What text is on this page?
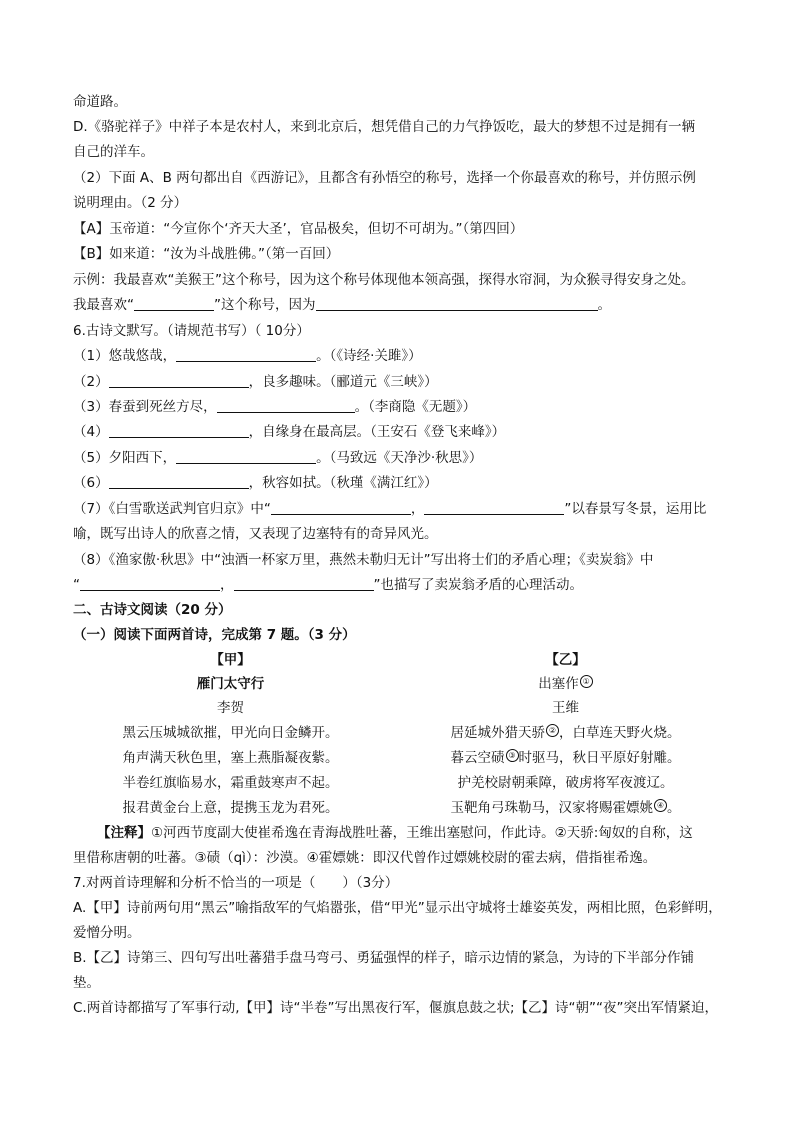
命道路。
D.《骆驼祥子》中祥子本是农村人，来到北京后，想凭借自己的力气挣饭吃，最大的梦想不过是拥有一辆
自己的洋车。
（2）下面 A、B 两句都出自《西游记》，且都含有孙悟空的称号，选择一个你最喜欢的称号，并仿照示例
说明理由。（2 分）
【A】玉帝道：“今宣你个‘齐天大圣’，官品极矣，但切不可胡为。”（第四回）
【B】如来道：“汝为斗战胜佛。”（第一百回）
示例：我最喜欢“美猴王”这个称号，因为这个称号体现他本领高强，探得水帘洞，为众猴寻得安身之处。
我最喜欢“	”这个称号，因为	。
6.古诗文默写。（请规范书写）（ 10分）
（1）悠哉悠哉，	。（《诗经·关雎》）
（2）	，良多趣味。（郦道元《三峡》）
（3）春蚕到死丝方尽，	。（李商隐《无题》）
（4）	，自缘身在最高层。（王安石《登飞来峰》）
（5）夕阳西下，	。（马致远《天净沙·秋思》）
（6）	，秋容如拭。（秋瑾《满江红》）
（7）《白雪歌送武判官归京》中“	，	”以春景写冬景，运用比
喻，既写出诗人的欣喜之情，又表现了边塞特有的奇异风光。
（8）《渔家傲·秋思》中“浊酒一杯家万里，燕然未勒归无计”写出将士们的矛盾心理；《卖炭翁》中
“	，	”也描写了卖炭翁矛盾的心理活动。
二、古诗文阅读（20 分）
（一）阅读下面两首诗，完成第 7 题。（3 分）
【甲】
雁门太守行
李贺
黑云压城城欲摧，甲光向日金鳞开。
角声满天秋色里，塞上燕脂凝夜紫。
半卷红旗临易水，霜重鼓寒声不起。
报君黄金台上意，提携玉龙为君死。
【乙】
出塞作 ①
王维
居延城外猎天骄 ② ，白草连天野火烧。
暮云空碛 ③ 时驱马，秋日平原好射雕。
护羌校尉朝乘障，破虏将军夜渡辽。
玉靶角弓珠勒马，汉家将赐霍嫖姚 ④ 。
【注释】①河西节度副大使崔希逸在青海战胜吐蕃，王维出塞慰问，作此诗。②天骄:匈奴的自称，这
里借称唐朝的吐蕃。③碛（qì）：沙漠。④霍嫖姚：即汉代曾作过嫖姚校尉的霍去病，借指崔希逸。
7.对两首诗理解和分析不恰当的一项是（　　）（3分）
A.【甲】诗前两句用“黑云”喻指敌军的气焰嚣张，借“甲光”显示出守城将士雄姿英发，两相比照，色彩鲜明，
爱憎分明。
B.【乙】诗第三、四句写出吐蕃猎手盘马弯弓、勇猛强悍的样子，暗示边情的紧急，为诗的下半部分作铺
垫。
C.两首诗都描写了军事行动,【甲】诗“半卷”写出黑夜行军，偃旗息鼓之状;【乙】诗“朝”“夜”突出军情紧迫，
